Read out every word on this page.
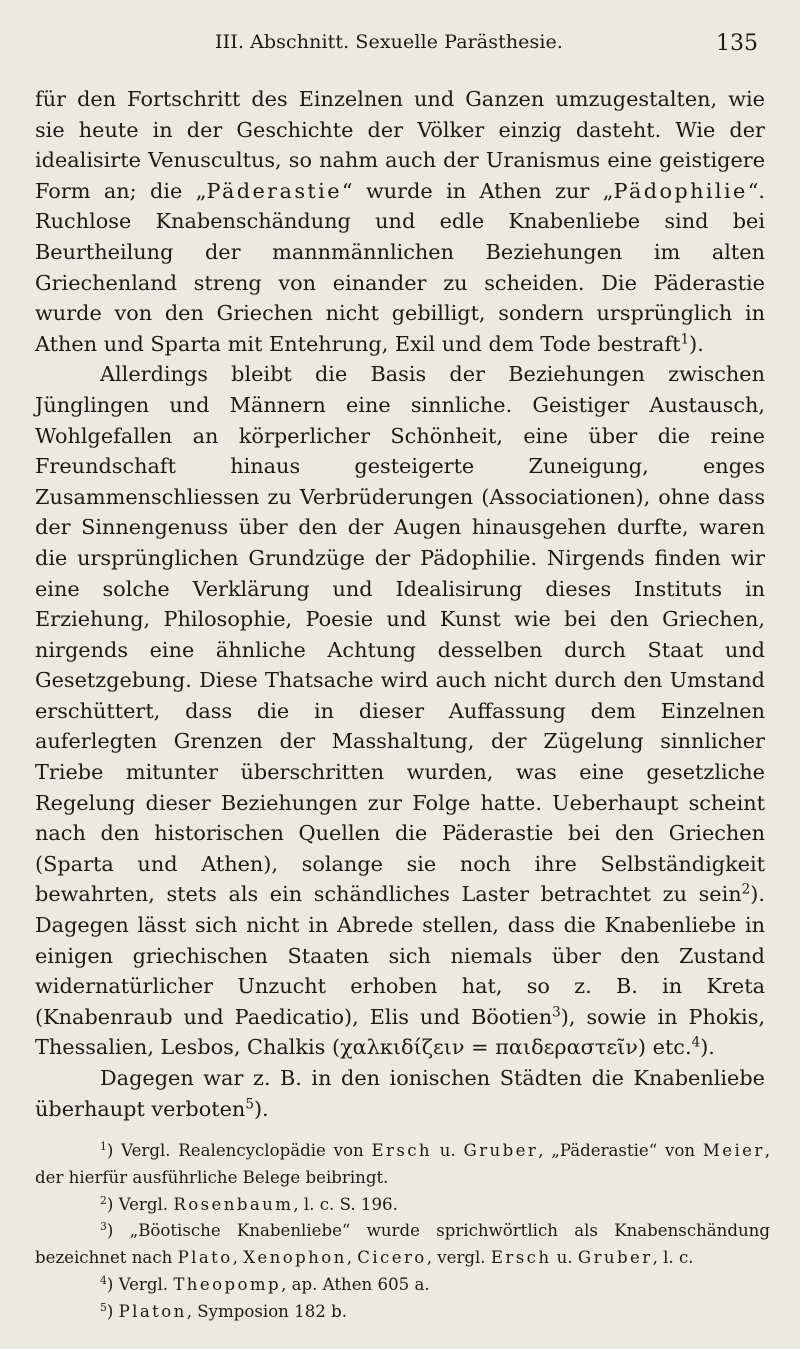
III. Abschnitt. Sexuelle Parästhesie.	135

für den Fortschritt des Einzelnen und Ganzen umzugestalten, wie sie heute in der Geschichte der Völker einzig dasteht. Wie der idealisirte Venuscultus, so nahm auch der Uranismus eine geistigere Form an; die „Päderastie“ wurde in Athen zur „Pädophilie“. Ruchlose Knabenschändung und edle Knabenliebe sind bei Beurtheilung der mannmännlichen Beziehungen im alten Griechenland streng von einander zu scheiden. Die Päderastie wurde von den Griechen nicht gebilligt, sondern ursprünglich in Athen und Sparta mit Entehrung, Exil und dem Tode bestraft$^1$).

Allerdings bleibt die Basis der Beziehungen zwischen Jünglingen und Männern eine sinnliche. Geistiger Austausch, Wohlgefallen an körperlicher Schönheit, eine über die reine Freundschaft hinaus gesteigerte Zuneigung, enges Zusammenschliessen zu Verbrüderungen (Associationen), ohne dass der Sinnengenuss über den der Augen hinausgehen durfte, waren die ursprünglichen Grundzüge der Pädophilie. Nirgends finden wir eine solche Verklärung und Idealisirung dieses Instituts in Erziehung, Philosophie, Poesie und Kunst wie bei den Griechen, nirgends eine ähnliche Achtung desselben durch Staat und Gesetzgebung. Diese Thatsache wird auch nicht durch den Umstand erschüttert, dass die in dieser Auffassung dem Einzelnen auferlegten Grenzen der Masshaltung, der Zügelung sinnlicher Triebe mitunter überschritten wurden, was eine gesetzliche Regelung dieser Beziehungen zur Folge hatte. Ueberhaupt scheint nach den historischen Quellen die Päderastie bei den Griechen (Sparta und Athen), solange sie noch ihre Selbständigkeit bewahrten, stets als ein schändliches Laster betrachtet zu sein$^2$). Dagegen lässt sich nicht in Abrede stellen, dass die Knabenliebe in einigen griechischen Staaten sich niemals über den Zustand widernatürlicher Unzucht erhoben hat, so z. B. in Kreta (Knabenraub und Paedicatio), Elis und Böotien$^3$), sowie in Phokis, Thessalien, Lesbos, Chalkis (χαλκιδίζειν = παιδεραστεῖν) etc.$^4$).

Dagegen war z. B. in den ionischen Städten die Knabenliebe überhaupt verboten$^5$).

$^1$) Vergl. Realencyclopädie von Ersch u. Gruber, „Päderastie“ von Meier, der hierfür ausführliche Belege beibringt.

$^2$) Vergl. Rosenbaum, l. c. S. 196.

$^3$) „Böotische Knabenliebe“ wurde sprichwörtlich als Knabenschändung bezeichnet nach Plato, Xenophon, Cicero, vergl. Ersch u. Gruber, l. c.

$^4$) Vergl. Theopomp, ap. Athen 605 a.

$^5$) Platon, Symposion 182 b.
